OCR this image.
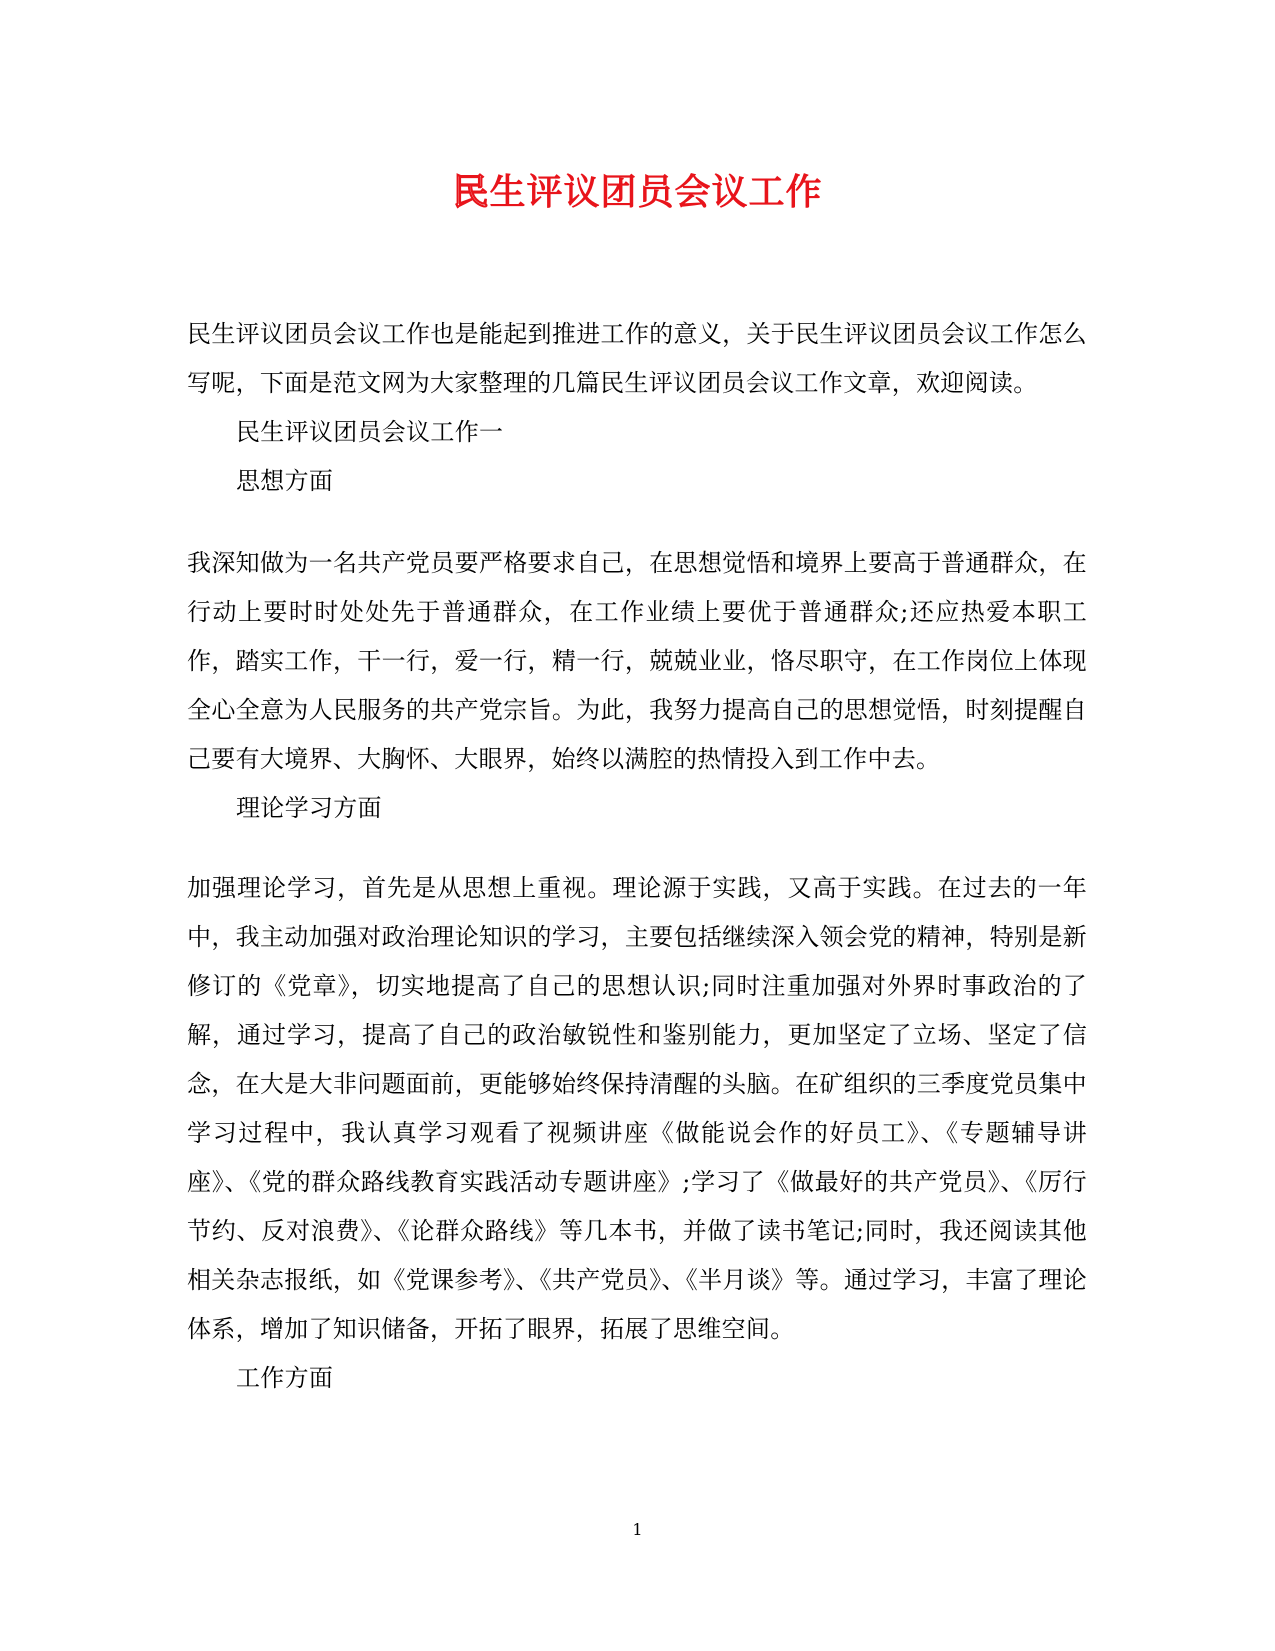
民生评议团员会议工作

民生评议团员会议工作也是能起到推进工作的意义，关于民生评议团员会议工作怎么写呢，下面是范文网为大家整理的几篇民生评议团员会议工作文章，欢迎阅读。

民生评议团员会议工作一

思想方面

我深知做为一名共产党员要严格要求自己，在思想觉悟和境界上要高于普通群众，在行动上要时时处处先于普通群众，在工作业绩上要优于普通群众;还应热爱本职工作，踏实工作，干一行，爱一行，精一行，兢兢业业，恪尽职守，在工作岗位上体现全心全意为人民服务的共产党宗旨。为此，我努力提高自己的思想觉悟，时刻提醒自己要有大境界、大胸怀、大眼界，始终以满腔的热情投入到工作中去。

理论学习方面

加强理论学习，首先是从思想上重视。理论源于实践，又高于实践。在过去的一年中，我主动加强对政治理论知识的学习，主要包括继续深入领会党的精神，特别是新修订的《党章》，切实地提高了自己的思想认识;同时注重加强对外界时事政治的了解，通过学习，提高了自己的政治敏锐性和鉴别能力，更加坚定了立场、坚定了信念，在大是大非问题面前，更能够始终保持清醒的头脑。在矿组织的三季度党员集中学习过程中，我认真学习观看了视频讲座《做能说会作的好员工》、《专题辅导讲座》、《党的群众路线教育实践活动专题讲座》;学习了《做最好的共产党员》、《厉行节约、反对浪费》、《论群众路线》等几本书，并做了读书笔记;同时，我还阅读其他相关杂志报纸，如《党课参考》、《共产党员》、《半月谈》等。通过学习，丰富了理论体系，增加了知识储备，开拓了眼界，拓展了思维空间。

工作方面

1
